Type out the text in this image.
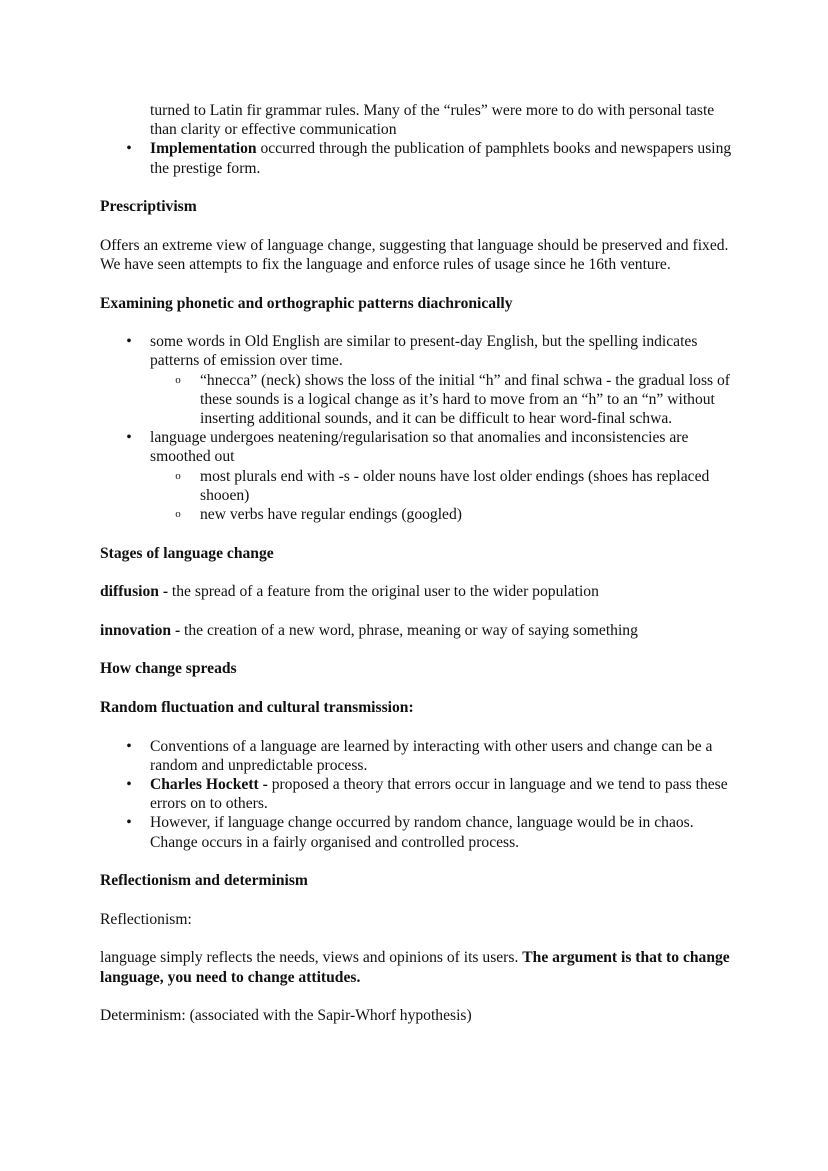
turned to Latin fir grammar rules. Many of the “rules” were more to do with personal taste than clarity or effective communication

• Implementation occurred through the publication of pamphlets books and newspapers using the prestige form.

Prescriptivism

Offers an extreme view of language change, suggesting that language should be preserved and fixed. We have seen attempts to fix the language and enforce rules of usage since he 16th venture.

Examining phonetic and orthographic patterns diachronically

• some words in Old English are similar to present-day English, but the spelling indicates patterns of emission over time.
o “hnecca” (neck) shows the loss of the initial “h” and final schwa - the gradual loss of these sounds is a logical change as it’s hard to move from an “h” to an “n” without inserting additional sounds, and it can be difficult to hear word-final schwa.
• language undergoes neatening/regularisation so that anomalies and inconsistencies are smoothed out
o most plurals end with -s - older nouns have lost older endings (shoes has replaced shooen)
o new verbs have regular endings (googled)

Stages of language change

diffusion - the spread of a feature from the original user to the wider population

innovation - the creation of a new word, phrase, meaning or way of saying something

How change spreads

Random fluctuation and cultural transmission:

• Conventions of a language are learned by interacting with other users and change can be a random and unpredictable process.
• Charles Hockett - proposed a theory that errors occur in language and we tend to pass these errors on to others.
• However, if language change occurred by random chance, language would be in chaos. Change occurs in a fairly organised and controlled process.

Reflectionism and determinism

Reflectionism:

language simply reflects the needs, views and opinions of its users. The argument is that to change language, you need to change attitudes.

Determinism: (associated with the Sapir-Whorf hypothesis)
